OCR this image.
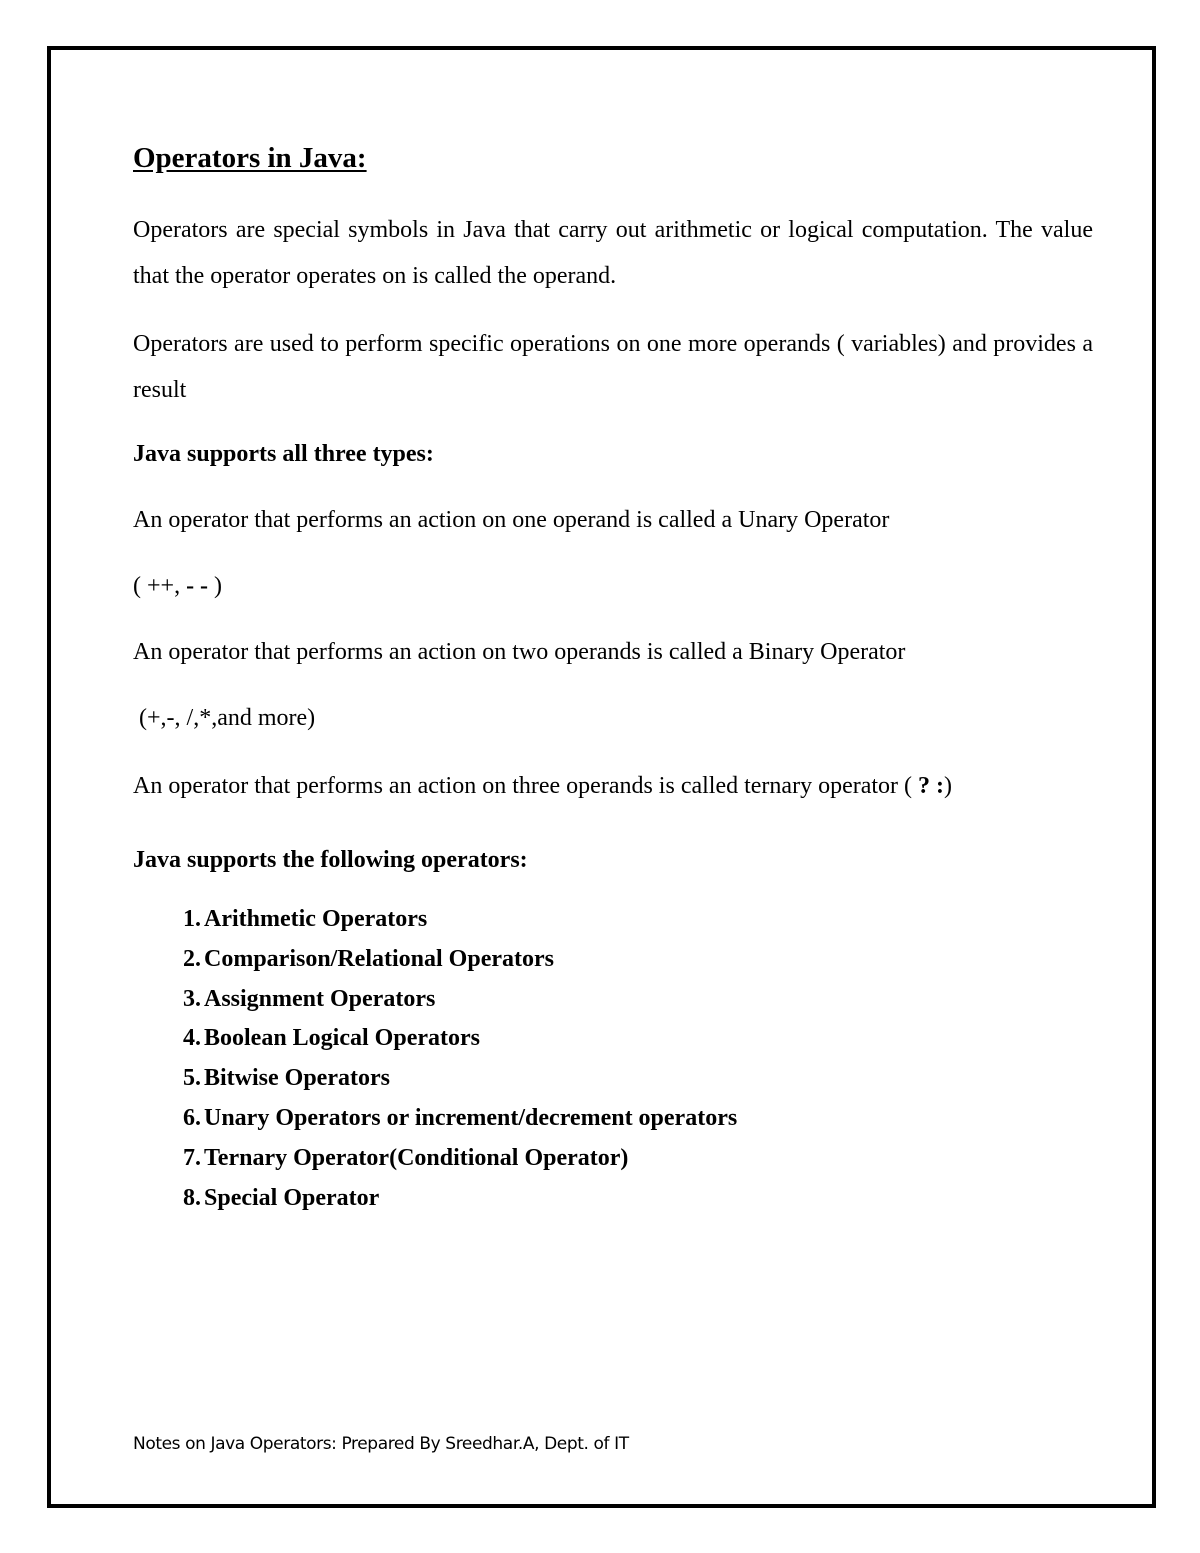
Operators in Java:

Operators are special symbols in Java that carry out arithmetic or logical computation. The value that the operator operates on is called the operand.

Operators are used to perform specific operations on one more operands ( variables) and provides a result

Java supports all three types:

An operator that performs an action on one operand is called a Unary Operator

( ++, - - )

An operator that performs an action on two operands is called a Binary Operator

(+,-, /,*,and more)

An operator that performs an action on three operands is called ternary operator ( ? :)

Java supports the following operators:

1. Arithmetic Operators
2. Comparison/Relational Operators
3. Assignment Operators
4. Boolean Logical Operators
5. Bitwise Operators
6. Unary Operators or increment/decrement operators
7. Ternary Operator(Conditional Operator)
8. Special Operator
Notes on Java Operators: Prepared By Sreedhar.A, Dept. of IT
